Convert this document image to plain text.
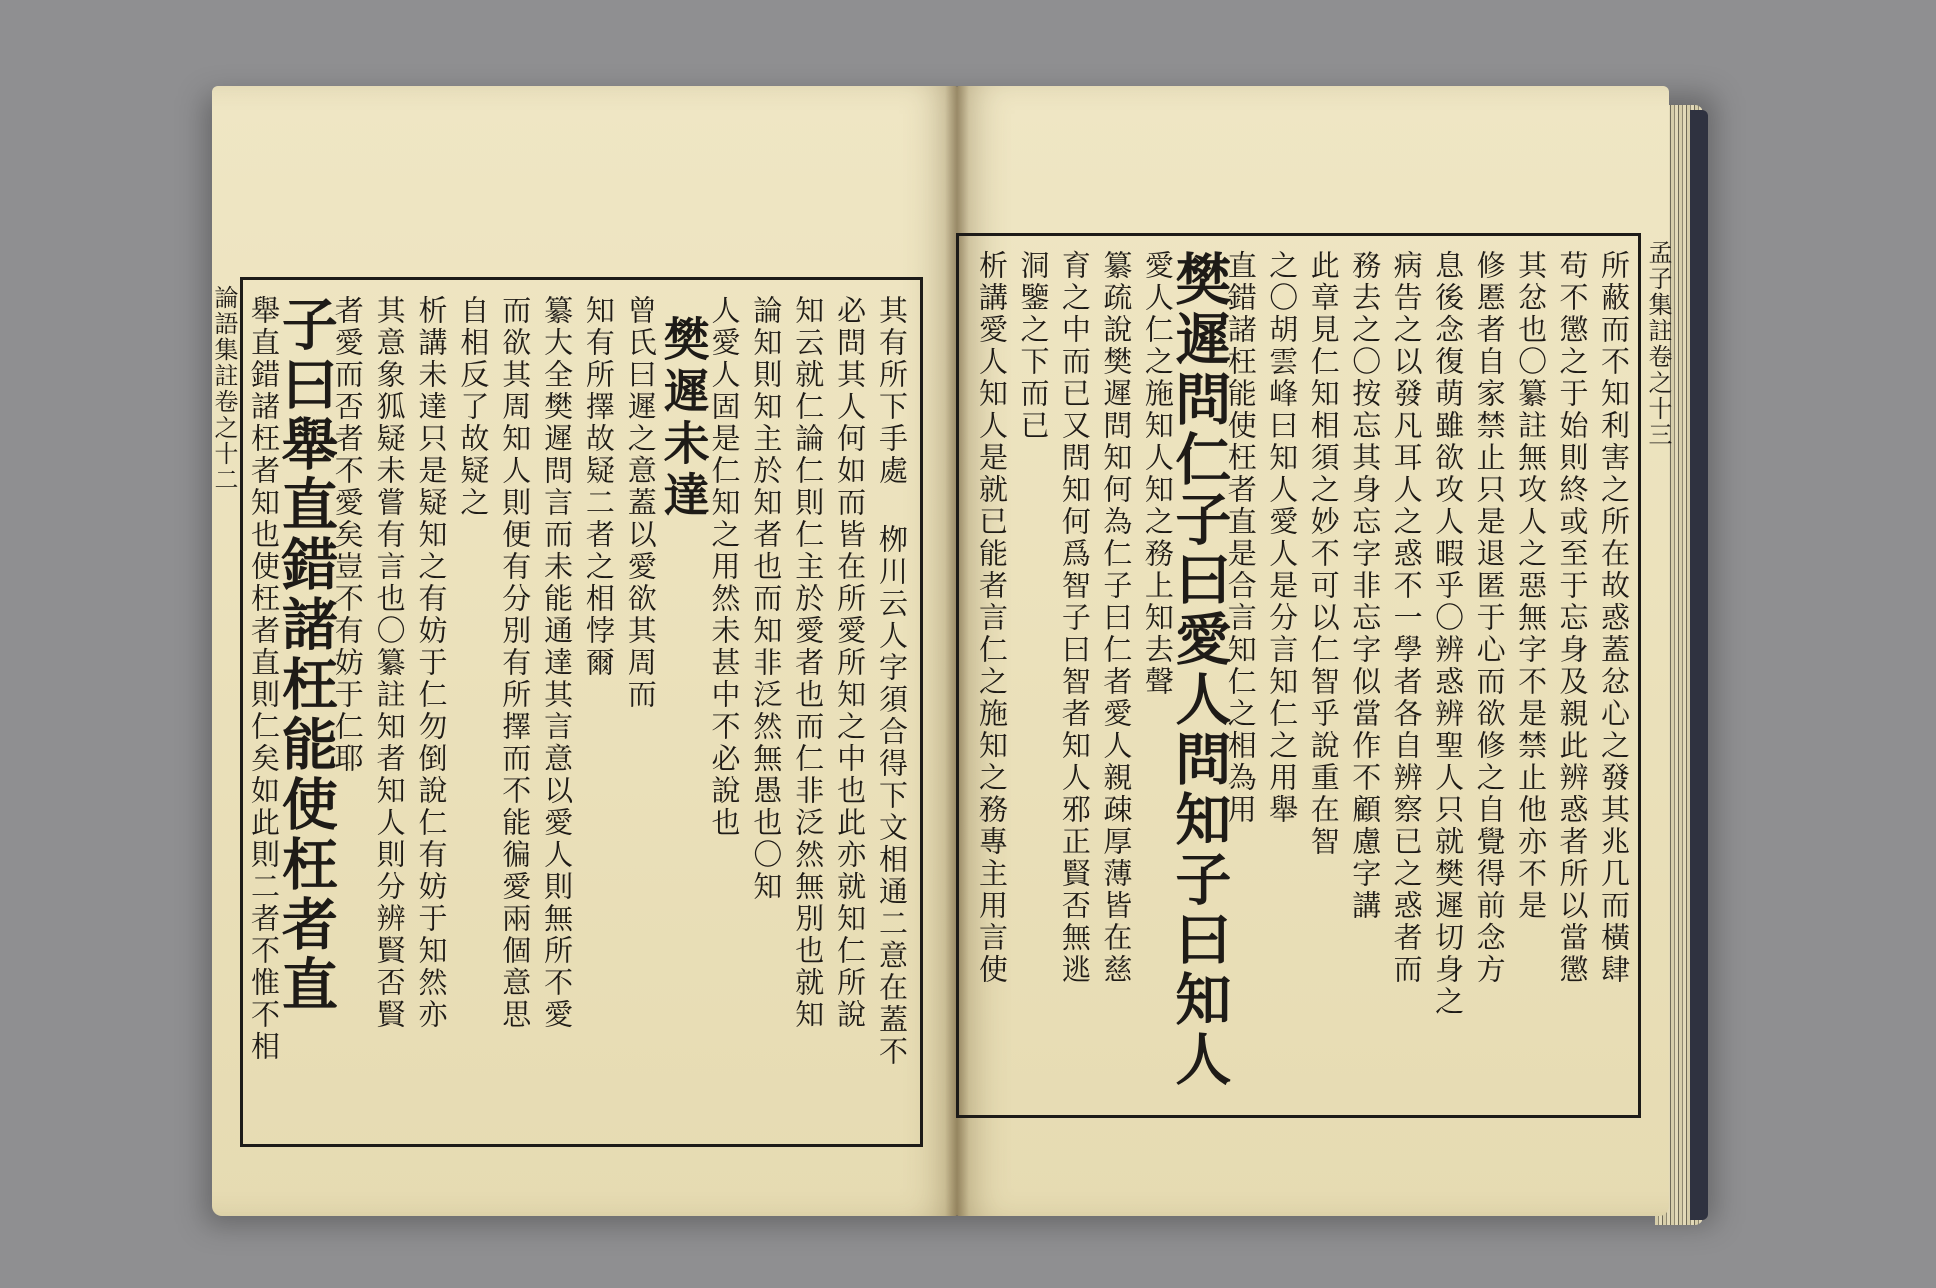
孟子集註卷之十三
論語集註卷之十二	所蔽而不知利害之所在故惑蓋忿心之發其兆几而橫肆
苟不懲之于始則終或至于忘身及親此辨惑者所以當懲
其忿也〇纂註無攻人之惡無字不是禁止他亦不是
修慝者自家禁止只是退匿于心而欲修之自覺得前念方
息後念復萌雖欲攻人暇乎〇辨惑辨聖人只就樊遲切身之
病告之以發凡耳人之惑不一學者各自辨察已之惑者而
務去之〇按忘其身忘字非忘字似當作不顧慮字講
此章見仁知相須之妙不可以仁智乎說重在智
之〇胡雲峰曰知人愛人是分言知仁之用舉
直錯諸枉能使枉者直是合言知仁之相為用
樊遲問仁子曰愛人問知子曰知人
愛人仁之施知人知之務上知去聲
纂疏說樊遲問知何為仁子曰仁者愛人親疎厚薄皆在慈
育之中而已又問知何爲智子曰智者知人邪正賢否無逃
洞鑒之下而已
析講愛人知人是就已能者言仁之施知之務專主用言使
其有所下手處 栁川云人字須合得下文相通二意在蓋不
必問其人何如而皆在所愛所知之中也此亦就知仁所說
知云就仁論仁則仁主於愛者也而仁非泛然無別也就知
論知則知主於知者也而知非泛然無愚也〇知
人愛人固是仁知之用然未甚中不必說也
樊遲未達
曾氏曰遲之意蓋以愛欲其周而
知有所擇故疑二者之相悖爾
纂大全樊遲問言而未能通達其言意以愛人則無所不愛
而欲其周知人則便有分別有所擇而不能徧愛兩個意思
自相反了故疑之
析講未達只是疑知之有妨于仁勿倒說仁有妨于知然亦
其意象狐疑未嘗有言也〇纂註知者知人則分辨賢否賢
者愛而否者不愛矣豈不有妨于仁耶
子曰舉直錯諸枉能使枉者直
舉直錯諸枉者知也使枉者直則仁矣如此則二者不惟不相
